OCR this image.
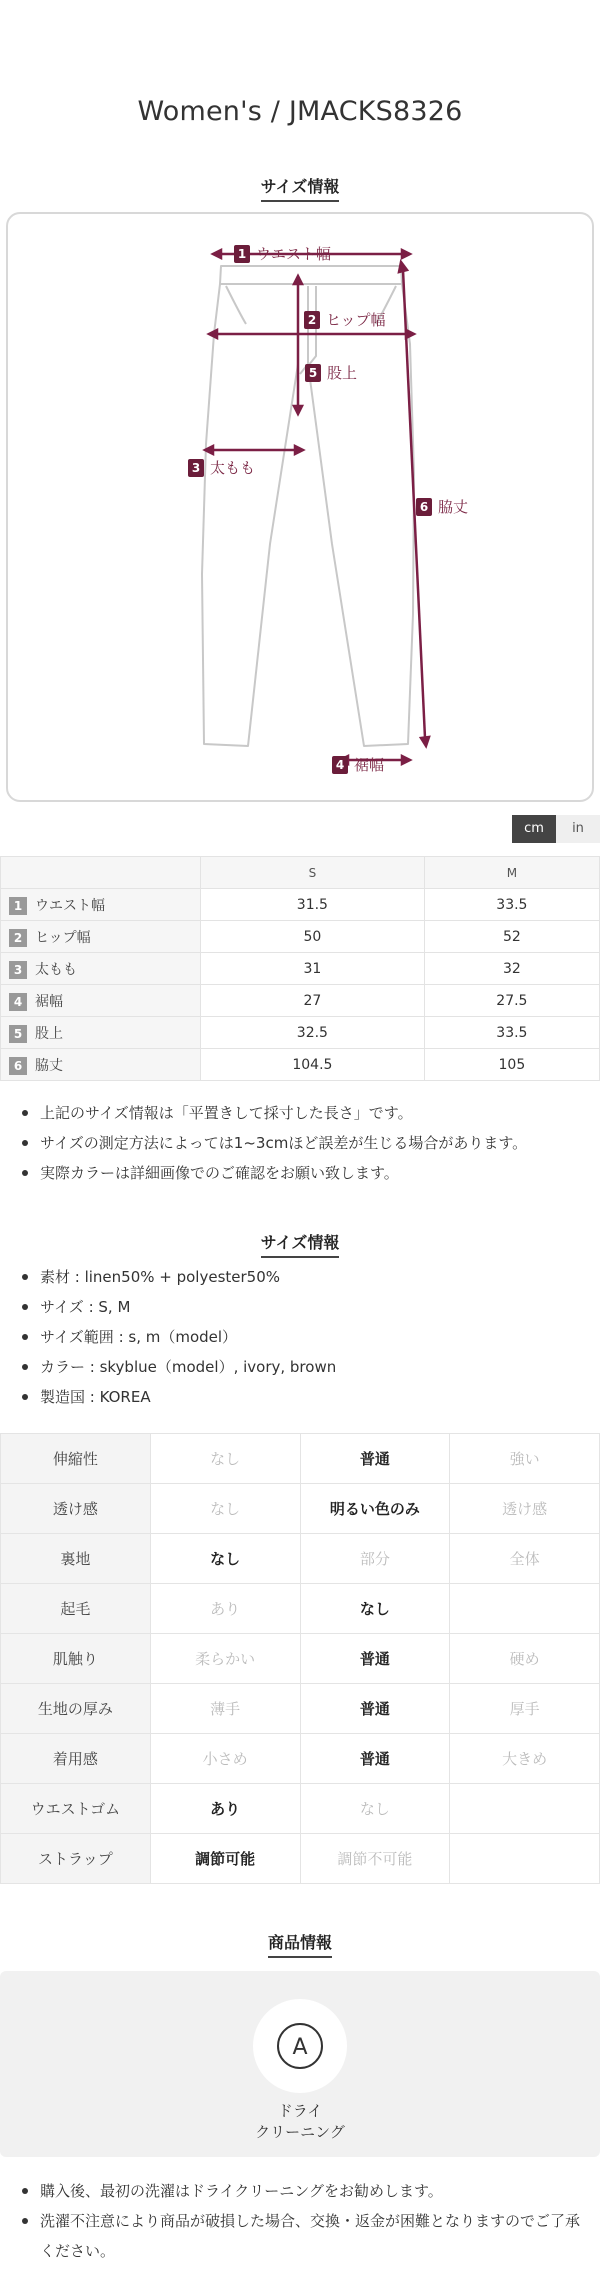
Women's / JMACKS8326
サイズ情報
1 ウエスト幅
2 ヒップ幅
5 股上
3 太もも
6 脇丈
4 裾幅
cm	in
	S	M
1 ウエスト幅	31.5	33.5
2 ヒップ幅	50	52
3 太もも	31	32
4 裾幅	27	27.5
5 股上	32.5	33.5
6 脇丈	104.5	105
上記のサイズ情報は「平置きして採寸した長さ」です。
サイズの測定方法によっては1~3cmほど誤差が生じる場合があります。
実際カラーは詳細画像でのご確認をお願い致します。
サイズ情報
素材 : linen50% + polyester50%
サイズ : S, M
サイズ範囲 : s, m（model）
カラー : skyblue（model）, ivory, brown
製造国 : KOREA
伸縮性	なし	普通	強い
透け感	なし	明るい色のみ	透け感
裏地	なし	部分	全体
起毛	あり	なし	
肌触り	柔らかい	普通	硬め
生地の厚み	薄手	普通	厚手
着用感	小さめ	普通	大きめ
ウエストゴム	あり	なし	
ストラップ	調節可能	調節不可能	
商品情報
A
ドライ
クリーニング
購入後、最初の洗濯はドライクリーニングをお勧めします。
洗濯不注意により商品が破損した場合、交換・返金が困難となりますのでご了承ください。
